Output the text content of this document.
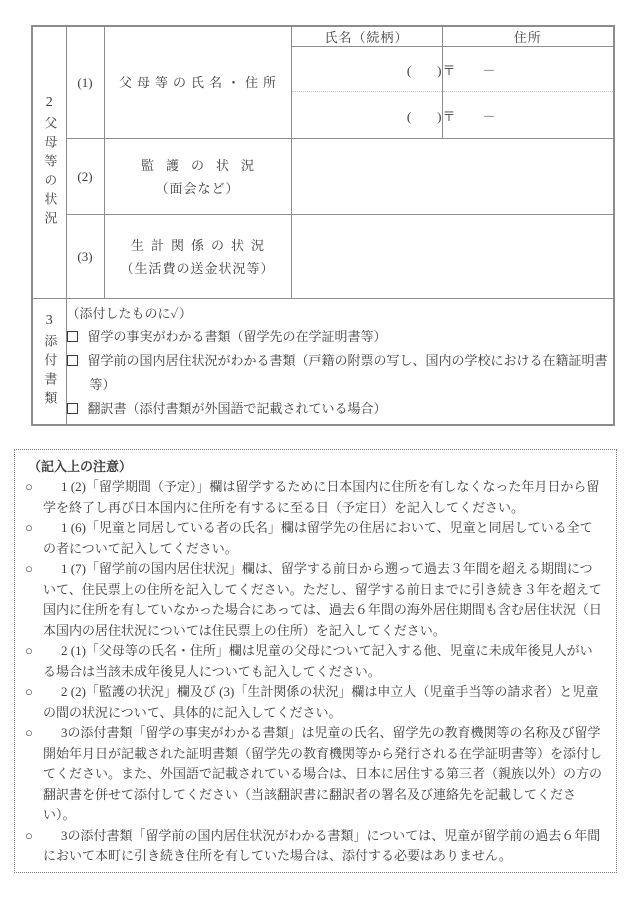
2
父母等の状況	(1)	父母等の氏名・住所	氏名（続柄）	住所
			(　　)	〒 －
			(　　)	〒 －
	(2)	監護の状況
（面会など）		

	(3)	生計関係の状況
（生活費の送金状況等）		

3
添付書類

（添付したものに✓）
留学の事実がわかる書類（留学先の在学証明書等）
留学前の国内居住状況がわかる書類（戸籍の附票の写し、国内の学校における在籍証明書等）
翻訳書（添付書類が外国語で記載されている場合）
（記入上の注意）
○ 1 (2)「留学期間（予定）」欄は留学するために日本国内に住所を有しなくなった年月日から留学を終了し再び日本国内に住所を有するに至る日（予定日）を記入してください。
○ 1 (6)「児童と同居している者の氏名」欄は留学先の住居において、児童と同居している全ての者について記入してください。
○ 1 (7)「留学前の国内居住状況」欄は、留学する前日から遡って過去３年間を超える期間について、住民票上の住所を記入してください。ただし、留学する前日までに引き続き３年を超えて国内に住所を有していなかった場合にあっては、過去６年間の海外居住期間も含む居住状況（日本国内の居住状況については住民票上の住所）を記入してください。
○ 2 (1)「父母等の氏名・住所」欄は児童の父母について記入する他、児童に未成年後見人がいる場合は当該未成年後見人についても記入してください。
○ 2 (2)「監護の状況」欄及び (3)「生計関係の状況」欄は申立人（児童手当等の請求者）と児童の間の状況について、具体的に記入してください。
○ 3の添付書類「留学の事実がわかる書類」は児童の氏名、留学先の教育機関等の名称及び留学開始年月日が記載された証明書類（留学先の教育機関等から発行される在学証明書等）を添付してください。また、外国語で記載されている場合は、日本に居住する第三者（親族以外）の方の翻訳書を併せて添付してください（当該翻訳書に翻訳者の署名及び連絡先を記載してください）。
○ 3の添付書類「留学前の国内居住状況がわかる書類」については、児童が留学前の過去６年間において本町に引き続き住所を有していた場合は、添付する必要はありません。
